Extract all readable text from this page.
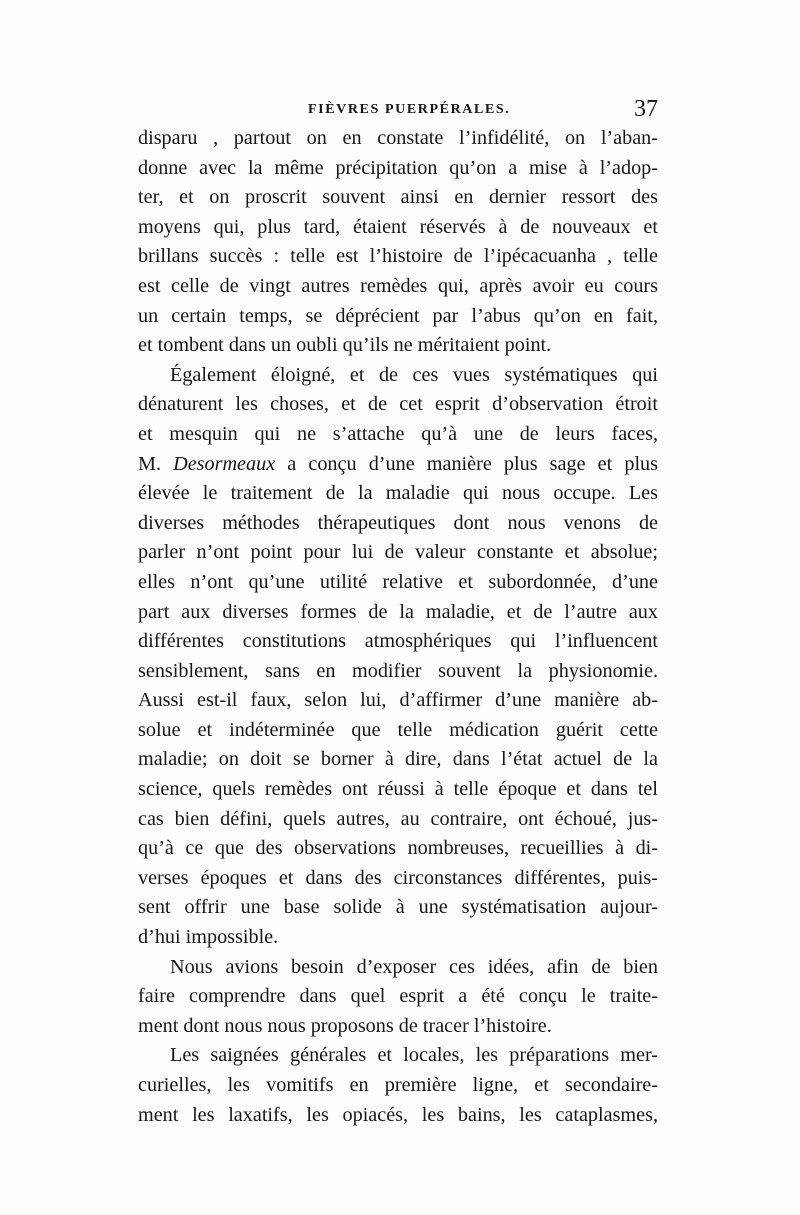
FIÈVRES PUERPÉRALES.	37
disparu , partout on en constate l’infidélité, on l’aban-
donne avec la même précipitation qu’on a mise à l’adop-
ter, et on proscrit souvent ainsi en dernier ressort des
moyens qui, plus tard, étaient réservés à de nouveaux et
brillans succès : telle est l’histoire de l’ipécacuanha , telle
est celle de vingt autres remèdes qui, après avoir eu cours
un certain temps, se déprécient par l’abus qu’on en fait,
et tombent dans un oubli qu’ils ne méritaient point.
Également éloigné, et de ces vues systématiques qui
dénaturent les choses, et de cet esprit d’observation étroit
et mesquin qui ne s’attache qu’à une de leurs faces,
M. Desormeaux a conçu d’une manière plus sage et plus
élevée le traitement de la maladie qui nous occupe. Les
diverses méthodes thérapeutiques dont nous venons de
parler n’ont point pour lui de valeur constante et absolue;
elles n’ont qu’une utilité relative et subordonnée, d’une
part aux diverses formes de la maladie, et de l’autre aux
différentes constitutions atmosphériques qui l’influencent
sensiblement, sans en modifier souvent la physionomie.
Aussi est-il faux, selon lui, d’affirmer d’une manière ab-
solue et indéterminée que telle médication guérit cette
maladie; on doit se borner à dire, dans l’état actuel de la
science, quels remèdes ont réussi à telle époque et dans tel
cas bien défini, quels autres, au contraire, ont échoué, jus-
qu’à ce que des observations nombreuses, recueillies à di-
verses époques et dans des circonstances différentes, puis-
sent offrir une base solide à une systématisation aujour-
d’hui impossible.
Nous avions besoin d’exposer ces idées, afin de bien
faire comprendre dans quel esprit a été conçu le traite-
ment dont nous nous proposons de tracer l’histoire.
Les saignées générales et locales, les préparations mer-
curielles, les vomitifs en première ligne, et secondaire-
ment les laxatifs, les opiacés, les bains, les cataplasmes,
